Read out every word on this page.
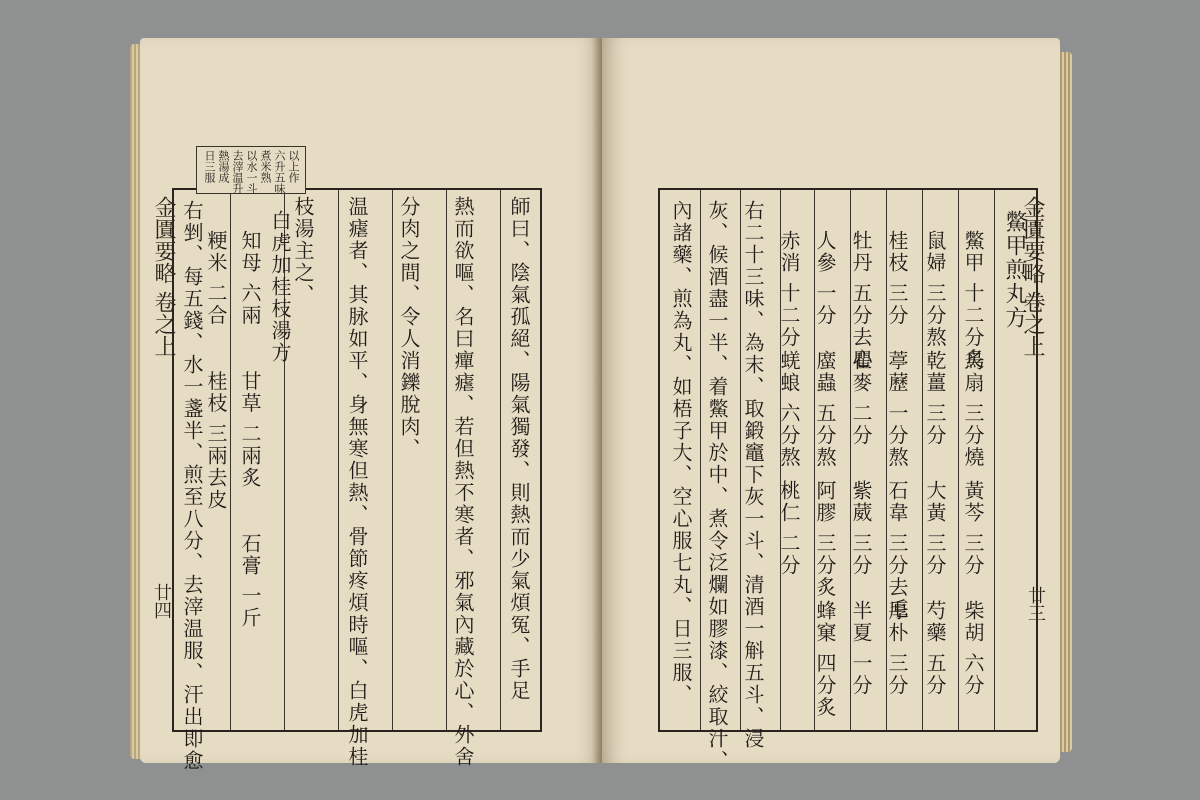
金匱要略 卷之上
廿四	師曰、陰氣孤絕、陽氣獨發、則熱而少氣煩冤、手足
熱而欲嘔、名曰癉瘧、若但熱不寒者、邪氣內藏於心、外舍
分肉之間、令人消鑠脫肉、
温瘧者、其脉如平、身無寒但熱、骨節疼煩時嘔、白虎加桂
枝湯主之、
白虎加桂枝湯方
知母 六兩　　甘草 二兩炙　　石膏 一斤
粳米 二合　　桂枝 三兩去皮
右剉、每五錢、水一盞半、煎至八分、去滓温服、汗出即愈
以上作
六升五味
煮米熟
以水一斗
去滓温升
熱湯成
日三服
金匱要略 卷之上
廿三
鱉甲煎丸方
鱉甲 十二分炙
烏扇 三分燒
黃芩 三分
柴胡 六分
鼠婦 三分熬
乾薑 三分
大黃 三分
芍藥 五分
桂枝 三分
葶藶 一分熬
石韋 三分去毛
厚朴 三分
牡丹 五分去心
瞿麥 二分
紫葳 三分
半夏 一分
人參 一分
䗪蟲 五分熬
阿膠 三分炙
蜂窠 四分炙
赤消 十二分
蜣蜋 六分熬
桃仁 二分
右二十三味、為末、取鍛竈下灰一斗、清酒一斛五斗、浸
灰、候酒盡一半、着鱉甲於中、煮令泛爛如膠漆、絞取汁、
內諸藥、煎為丸、如梧子大、空心服七丸、日三服、
